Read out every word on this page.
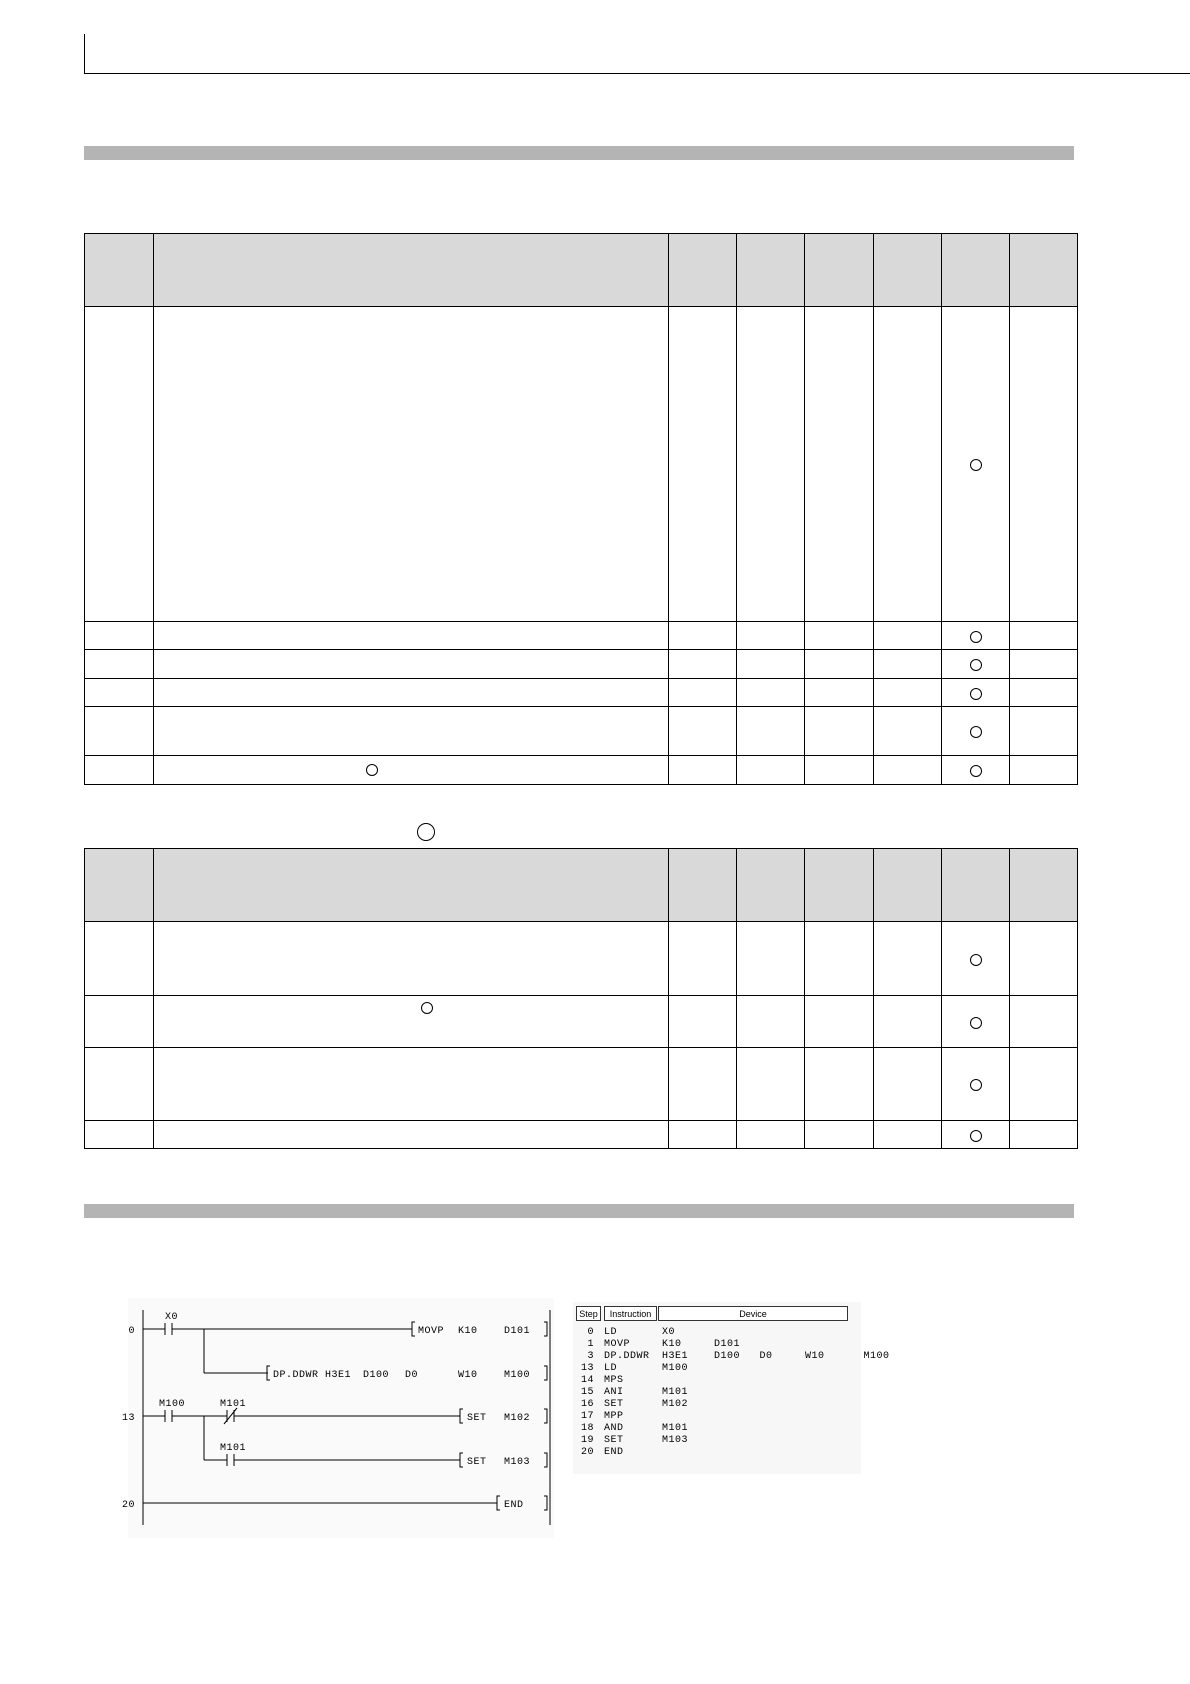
0
13
20
X0
M100	M101
M101
MOVP K10	D101
DP.DDWR H3E1 D100 D0	W10	M100
SET M102
SET M103
END
Step	Instruction	Device
0 LD	X0
1 MOVP	K10     D101
3 DP.DDWR H3E1    D100   D0     W10      M100
13 LD	M100
14 MPS
15 ANI	M101
16 SET	M102
17 MPP
18 AND	M101
19 SET	M103
20 END
